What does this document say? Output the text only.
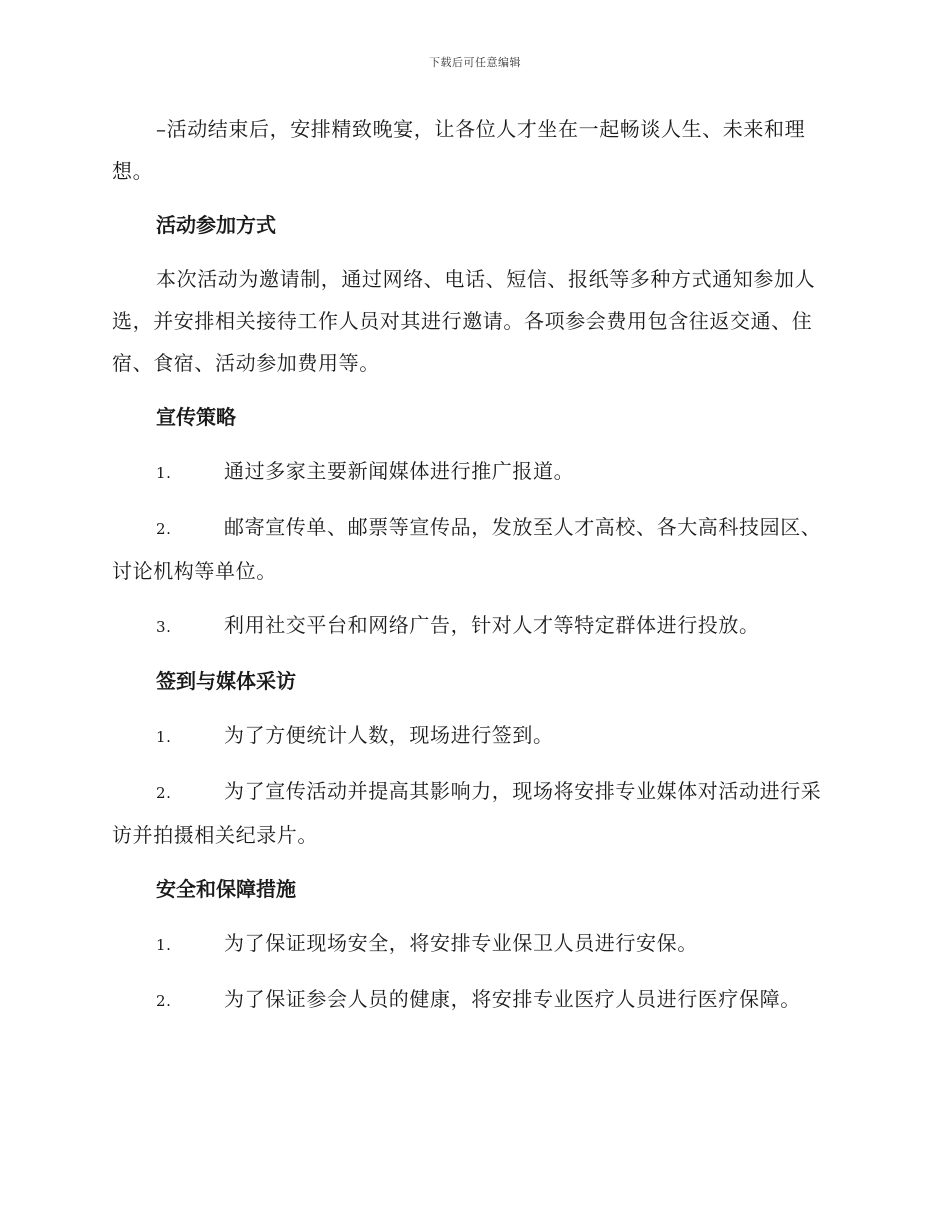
下载后可任意编辑

–活动结束后，安排精致晚宴，让各位人才坐在一起畅谈人生、未来和理想。

活动参加方式

本次活动为邀请制，通过网络、电话、短信、报纸等多种方式通知参加人选，并安排相关接待工作人员对其进行邀请。各项参会费用包含往返交通、住宿、食宿、活动参加费用等。

宣传策略
1.	通过多家主要新闻媒体进行推广报道。
2.	邮寄宣传单、邮票等宣传品，发放至人才高校、各大高科技园区、讨论机构等单位。
3.	利用社交平台和网络广告，针对人才等特定群体进行投放。
签到与媒体采访
1.	为了方便统计人数，现场进行签到。
2.	为了宣传活动并提高其影响力，现场将安排专业媒体对活动进行采访并拍摄相关纪录片。
安全和保障措施
1.	为了保证现场安全，将安排专业保卫人员进行安保。
2.	为了保证参会人员的健康，将安排专业医疗人员进行医疗保障。
